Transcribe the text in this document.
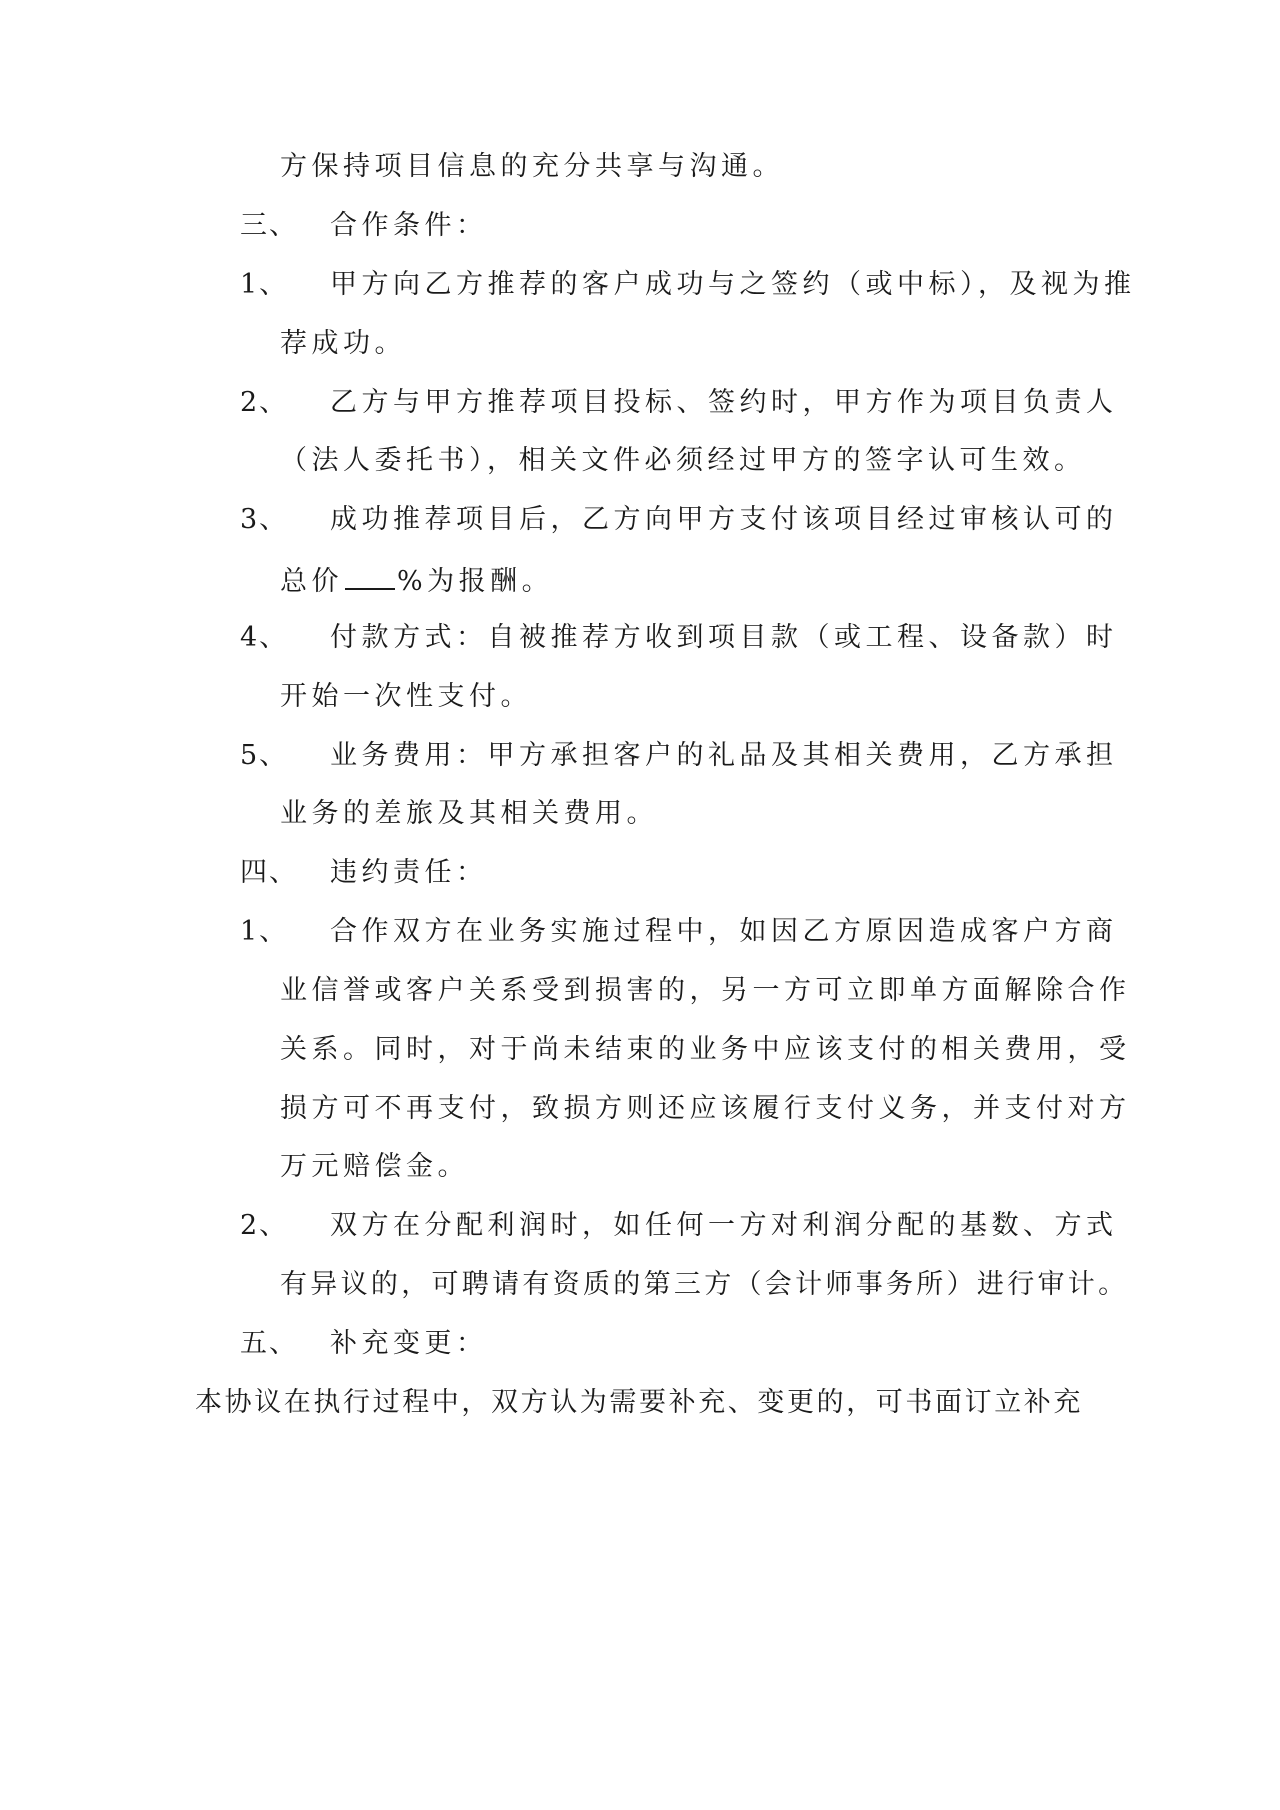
方保持项目信息的充分共享与沟通。
三、 合作条件：
1、 甲方向乙方推荐的客户成功与之签约（或中标），及视为推
荐成功。
2、 乙方与甲方推荐项目投标、签约时，甲方作为项目负责人
（法人委托书），相关文件必须经过甲方的签字认可生效。
3、 成功推荐项目后，乙方向甲方支付该项目经过审核认可的
总价 %为报酬。
4、 付款方式：自被推荐方收到项目款（或工程、设备款）时
开始一次性支付。
5、 业务费用：甲方承担客户的礼品及其相关费用，乙方承担
业务的差旅及其相关费用。
四、 违约责任：
1、 合作双方在业务实施过程中，如因乙方原因造成客户方商
业信誉或客户关系受到损害的，另一方可立即单方面解除合作
关系。同时，对于尚未结束的业务中应该支付的相关费用，受
损方可不再支付，致损方则还应该履行支付义务，并支付对方
万元赔偿金。
2、 双方在分配利润时，如任何一方对利润分配的基数、方式
有异议的，可聘请有资质的第三方（会计师事务所）进行审计。
五、 补充变更：
本协议在执行过程中，双方认为需要补充、变更的，可书面订立补充
